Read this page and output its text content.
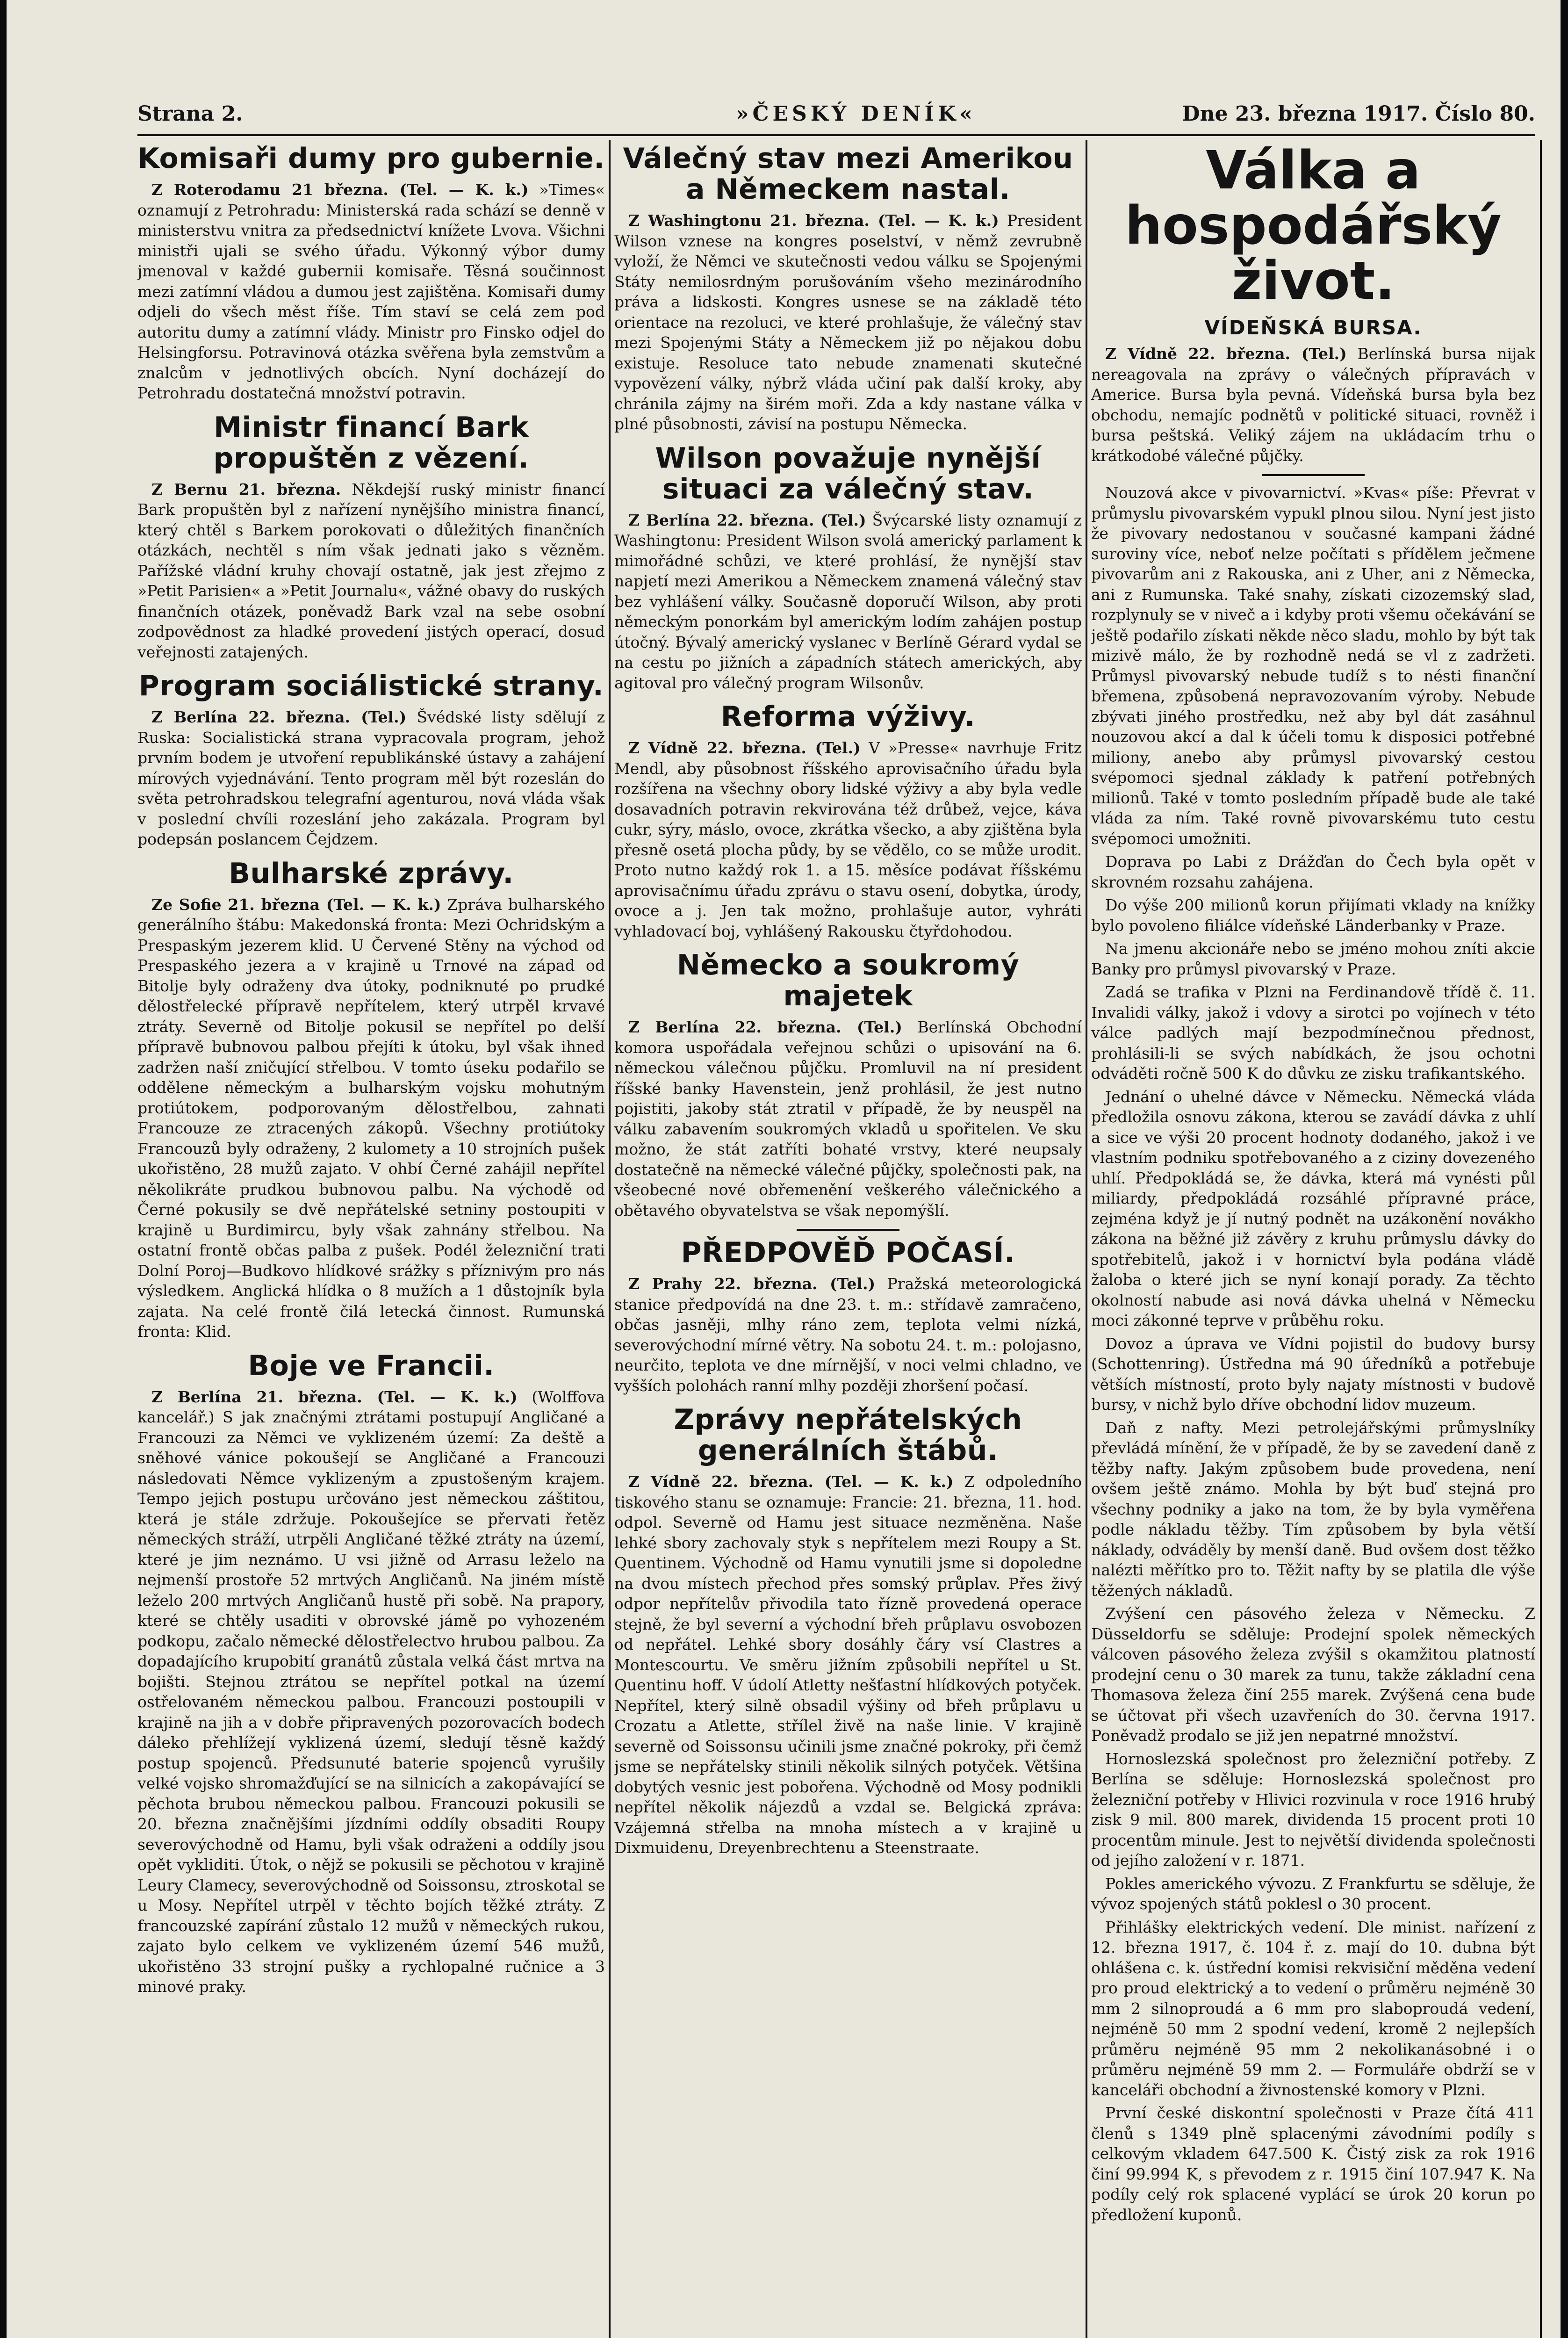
Strana 2.	»ČESKÝ DENÍK«	Dne 23. března 1917. Číslo 80.
Komisaři dumy pro gubernie.

Z Roterodamu 21 března. (Tel. — K. k.) »Times« oznamují z Petrohradu: Ministerská rada schází se denně v ministerstvu vnitra za předsednictví knížete Lvova. Všichni ministři ujali se svého úřadu. Výkonný výbor dumy jmenoval v každé gubernii komisaře. Těsná součinnost mezi zatímní vládou a dumou jest zajištěna. Komisaři dumy odjeli do všech měst říše. Tím staví se celá zem pod autoritu dumy a zatímní vlády. Ministr pro Finsko odjel do Helsingforsu. Potravinová otázka svěřena byla zemstvům a znalcům v jednotlivých obcích. Nyní docházejí do Petrohradu dostatečná množství potravin.

Ministr financí Bark propuštěn z vězení.

Z Bernu 21. března. Někdejší ruský ministr financí Bark propuštěn byl z nařízení nynějšího ministra financí, který chtěl s Barkem porokovati o důležitých finančních otázkách, nechtěl s ním však jednati jako s vězněm. Pařížské vládní kruhy chovají ostatně, jak jest zřejmo z »Petit Parisien« a »Petit Journalu«, vážné obavy do ruských finančních otázek, poněvadž Bark vzal na sebe osobní zodpovědnost za hladké provedení jistých operací, dosud veřejnosti zatajených.

Program sociálistické strany.

Z Berlína 22. března. (Tel.) Švédské listy sdělují z Ruska: Socialistická strana vypracovala program, jehož prvním bodem je utvoření republikánské ústavy a zahájení mírových vyjednávání. Tento program měl být rozeslán do světa petrohradskou telegrafní agenturou, nová vláda však v poslední chvíli rozeslání jeho zakázala. Program byl podepsán poslancem Čejdzem.

Bulharské zprávy.

Ze Sofie 21. března (Tel. — K. k.) Zpráva bulharského generálního štábu: Makedonská fronta: Mezi Ochridským a Prespaským jezerem klid. U Červené Stěny na východ od Prespaského jezera a v krajině u Trnové na západ od Bitolje byly odraženy dva útoky, podniknuté po prudké dělostřelecké přípravě nepřítelem, který utrpěl krvavé ztráty. Severně od Bitolje pokusil se nepřítel po delší přípravě bubnovou palbou přejíti k útoku, byl však ihned zadržen naší zničující střelbou. V tomto úseku podařilo se oddělene německým a bulharským vojsku mohutným protiútokem, podporovaným dělostřelbou, zahnati Francouze ze ztracených zákopů. Všechny protiútoky Francouzů byly odraženy, 2 kulomety a 10 strojních pušek ukořistěno, 28 mužů zajato. V ohbí Černé zahájil nepřítel několikráte prudkou bubnovou palbu. Na východě od Černé pokusily se dvě nepřátelské setniny postoupiti v krajině u Burdimircu, byly však zahnány střelbou. Na ostatní frontě občas palba z pušek. Podél železniční trati Dolní Poroj—Budkovo hlídkové srážky s příznivým pro nás výsledkem. Anglická hlídka o 8 mužích a 1 důstojník byla zajata. Na celé frontě čilá letecká činnost. Rumunská fronta: Klid.

Boje ve Francii.

Z Berlína 21. března. (Tel. — K. k.) (Wolffova kancelář.) S jak značnými ztrátami postupují Angličané a Francouzi za Němci ve vyklizeném území: Za deště a sněhové vánice pokoušejí se Angličané a Francouzi následovati Němce vyklizeným a zpustošeným krajem. Tempo jejich postupu určováno jest německou záštitou, která je stále zdržuje. Pokoušejíce se přervati řetěz německých stráží, utrpěli Angličané těžké ztráty na území, které je jim neznámo. U vsi jižně od Arrasu leželo na nejmenší prostoře 52 mrtvých Angličanů. Na jiném místě leželo 200 mrtvých Angličanů hustě při sobě. Na prapory, které se chtěly usaditi v obrovské jámě po vyhozeném podkopu, začalo německé dělostřelectvo hrubou palbou. Za dopadajícího krupobití granátů zůstala velká část mrtva na bojišti. Stejnou ztrátou se nepřítel potkal na území ostřelovaném německou palbou. Francouzi postoupili v krajině na jih a v dobře připravených pozorovacích bodech dáleko přehlížejí vyklizená území, sledují těsně každý postup spojenců. Předsunuté baterie spojenců vyrušily velké vojsko shromažďující se na silnicích a zakopávající se pěchota brubou německou palbou. Francouzi pokusili se 20. března značnějšími jízdními oddíly obsaditi Roupy severovýchodně od Hamu, byli však odraženi a oddíly jsou opět vykliditi. Útok, o nějž se pokusili se pěchotou v krajině Leury Clamecy, severovýchodně od Soissonsu, ztroskotal se u Mosy. Nepřítel utrpěl v těchto bojích těžké ztráty. Z francouzské zapírání zůstalo 12 mužů v německých rukou, zajato bylo celkem ve vyklizeném území 546 mužů, ukořistěno 33 strojní pušky a rychlopalné ručnice a 3 minové praky.

Válečný stav mezi Amerikou a Německem nastal.

Z Washingtonu 21. března. (Tel. — K. k.) President Wilson vznese na kongres poselství, v němž zevrubně vyloží, že Němci ve skutečnosti vedou válku se Spojenými Státy nemilosrdným porušováním všeho mezinárodního práva a lidskosti. Kongres usnese se na základě této orientace na rezoluci, ve které prohlašuje, že válečný stav mezi Spojenými Státy a Německem již po nějakou dobu existuje. Resoluce tato nebude znamenati skutečné vypovězení války, nýbrž vláda učiní pak další kroky, aby chránila zájmy na širém moři. Zda a kdy nastane válka v plné působnosti, závisí na postupu Německa.

Wilson považuje nynější situaci za válečný stav.

Z Berlína 22. března. (Tel.) Švýcarské listy oznamují z Washingtonu: President Wilson svolá americký parlament k mimořádné schůzi, ve které prohlásí, že nynější stav napjetí mezi Amerikou a Německem znamená válečný stav bez vyhlášení války. Současně doporučí Wilson, aby proti německým ponorkám byl americkým lodím zahájen postup útočný. Bývalý americký vyslanec v Berlíně Gérard vydal se na cestu po jižních a západních státech amerických, aby agitoval pro válečný program Wilsonův.

Reforma výživy.

Z Vídně 22. března. (Tel.) V »Presse« navrhuje Fritz Mendl, aby působnost říšského aprovisačního úřadu byla rozšířena na všechny obory lidské výživy a aby byla vedle dosavadních potravin rekvirována též drůbež, vejce, káva cukr, sýry, máslo, ovoce, zkrátka všecko, a aby zjištěna byla přesně osetá plocha půdy, by se vědělo, co se může urodit. Proto nutno každý rok 1. a 15. měsíce podávat říšskému aprovisačnímu úřadu zprávu o stavu osení, dobytka, úrody, ovoce a j. Jen tak možno, prohlašuje autor, vyhráti vyhladovací boj, vyhlášený Rakousku čtyřdohodou.

Německo a soukromý majetek

Z Berlína 22. března. (Tel.) Berlínská Obchodní komora uspořádala veřejnou schůzi o upisování na 6. německou válečnou půjčku. Promluvil na ní president říšské banky Havenstein, jenž prohlásil, že jest nutno pojistiti, jakoby stát ztratil v případě, že by neuspěl na válku zabavením soukromých vkladů u spořitelen. Ve sku možno, že stát zatříti bohaté vrstvy, které neupsaly dostatečně na německé válečné půjčky, společnosti pak, na všeobecné nové obřemenění veškerého válečnického a obětavého obyvatelstva se však nepomýšlí.

PŘEDPOVĚĎ POČASÍ.

Z Prahy 22. března. (Tel.) Pražská meteorologická stanice předpovídá na dne 23. t. m.: střídavě zamračeno, občas jasněji, mlhy ráno zem, teplota velmi nízká, severovýchodní mírné větry. Na sobotu 24. t. m.: polojasno, neurčito, teplota ve dne mírnější, v noci velmi chladno, ve vyšších polohách ranní mlhy později zhoršení počasí.

Zprávy nepřátelských generálních štábů.

Z Vídně 22. března. (Tel. — K. k.) Z odpoledního tiskového stanu se oznamuje: Francie: 21. března, 11. hod. odpol. Severně od Hamu jest situace nezměněna. Naše lehké sbory zachovaly styk s nepřítelem mezi Roupy a St. Quentinem. Východně od Hamu vynutili jsme si dopoledne na dvou místech přechod přes somský průplav. Přes živý odpor nepřítelův přivodila tato řízně provedená operace stejně, že byl severní a východní břeh průplavu osvobozen od nepřátel. Lehké sbory dosáhly čáry vsí Clastres a Montescourtu. Ve směru jižním způsobili nepřítel u St. Quentinu hoff. V údolí Atletty nešťastní hlídkových potyček. Nepřítel, který silně obsadil výšiny od břeh průplavu u Crozatu a Atlette, střílel živě na naše linie. V krajině severně od Soissonsu učinili jsme značné pokroky, při čemž jsme se nepřátelsky stinili několik silných potyček. Většina dobytých vesnic jest pobořena. Východně od Mosy podnikli nepřítel několik nájezdů a vzdal se. Belgická zpráva: Vzájemná střelba na mnoha místech a v krajině u Dixmuidenu, Dreyenbrechtenu a Steenstraate.

Válka a hospodářský život.
VÍDEŇSKÁ BURSA.

Z Vídně 22. března. (Tel.) Berlínská bursa nijak nereagovala na zprávy o válečných přípravách v Americe. Bursa byla pevná. Vídeňská bursa byla bez obchodu, nemajíc podnětů v politické situaci, rovněž i bursa peštská. Veliký zájem na ukládacím trhu o krátkodobé válečné půjčky.

Nouzová akce v pivovarnictví. »Kvas« píše: Převrat v průmyslu pivovarském vypukl plnou silou. Nyní jest jisto že pivovary nedostanou v současné kampani žádné suroviny více, neboť nelze počítati s přídělem ječmene pivovarům ani z Rakouska, ani z Uher, ani z Německa, ani z Rumunska. Také snahy, získati cizozemský slad, rozplynuly se v niveč a i kdyby proti všemu očekávání se ještě podařilo získati někde něco sladu, mohlo by být tak mizivě málo, že by rozhodně nedá se vl z zadržeti. Průmysl pivovarský nebude tudíž s to nésti finanční břemena, způsobená nepravozovaním výroby. Nebude zbývati jiného prostředku, než aby byl dát zasáhnul nouzovou akcí a dal k účeli tomu k disposici potřebné miliony, anebo aby průmysl pivovarský cestou svépomoci sjednal základy k patření potřebných milionů. Také v tomto posledním případě bude ale také vláda za ním. Také rovně pivovarskému tuto cestu svépomoci umožniti.

Doprava po Labi z Drážďan do Čech byla opět v skrovném rozsahu zahájena.

Do výše 200 milionů korun přijímati vklady na knížky bylo povoleno filiálce vídeňské Länderbanky v Praze.

Na jmenu akcionáře nebo se jméno mohou zníti akcie Banky pro průmysl pivovarský v Praze.

Zadá se trafika v Plzni na Ferdinandově třídě č. 11. Invalidi války, jakož i vdovy a sirotci po vojínech v této válce padlých mají bezpodmínečnou přednost, prohlásili-li se svých nabídkách, že jsou ochotni odváděti ročně 500 K do důvku ze zisku trafikantského.

Jednání o uhelné dávce v Německu. Německá vláda předložila osnovu zákona, kterou se zavádí dávka z uhlí a sice ve výši 20 procent hodnoty dodaného, jakož i ve vlastním podniku spotřebovaného a z ciziny dovezeného uhlí. Předpokládá se, že dávka, která má vynésti půl miliardy, předpokládá rozsáhlé přípravné práce, zejména když je jí nutný podnět na uzákonění novákho zákona na běžné již závěry z kruhu průmyslu dávky do spotřebitelů, jakož i v hornictví byla podána vládě žaloba o které jich se nyní konají porady. Za těchto okolností nabude asi nová dávka uhelná v Německu moci zákonné teprve v průběhu roku.

Dovoz a úprava ve Vídni pojistil do budovy bursy (Schottenring). Ústředna má 90 úředníků a potřebuje větších místností, proto byly najaty místnosti v budově bursy, v nichž bylo dříve obchodní lidov muzeum.

Daň z nafty. Mezi petrolejářskými průmyslníky převládá mínění, že v případě, že by se zavedení daně z těžby nafty. Jakým způsobem bude provedena, není ovšem ještě známo. Mohla by být buď stejná pro všechny podniky a jako na tom, že by byla vyměřena podle nákladu těžby. Tím způsobem by byla větší náklady, odváděly by menší daně. Bud ovšem dost těžko nalézti měřítko pro to. Těžit nafty by se platila dle výše těžených nákladů.

Zvýšení cen pásového železa v Německu. Z Düsseldorfu se sděluje: Prodejní spolek německých válcoven pásového železa zvýšil s okamžitou platností prodejní cenu o 30 marek za tunu, takže základní cena Thomasova železa činí 255 marek. Zvýšená cena bude se účtovat při všech uzavřeních do 30. června 1917. Poněvadž prodalo se již jen nepatrné množství.

Hornoslezská společnost pro železniční potřeby. Z Berlína se sděluje: Hornoslezská společnost pro železniční potřeby v Hlivici rozvinula v roce 1916 hrubý zisk 9 mil. 800 marek, dividenda 15 procent proti 10 procentům minule. Jest to největší dividenda společnosti od jejího založení v r. 1871.

Pokles amerického vývozu. Z Frankfurtu se sděluje, že vývoz spojených států poklesl o 30 procent.

Přihlášky elektrických vedení. Dle minist. nařízení z 12. března 1917, č. 104 ř. z. mají do 10. dubna být ohlášena c. k. ústřední komisi rekvisiční měděna vedení pro proud elektrický a to vedení o průměru nejméně 30 mm 2 silnoproudá a 6 mm pro slaboproudá vedení, nejméně 50 mm 2 spodní vedení, kromě 2 nejlepších průměru nejméně 95 mm 2 nekolikanásobné i o průměru nejméně 59 mm 2. — Formuláře obdrží se v kanceláři obchodní a živnostenské komory v Plzni.

První české diskontní společnosti v Praze čítá 411 členů s 1349 plně splacenými závodními podíly s celkovým vkladem 647.500 K. Čistý zisk za rok 1916 činí 99.994 K, s převodem z r. 1915 činí 107.947 K. Na podíly celý rok splacené vyplácí se úrok 20 korun po předložení kuponů.
